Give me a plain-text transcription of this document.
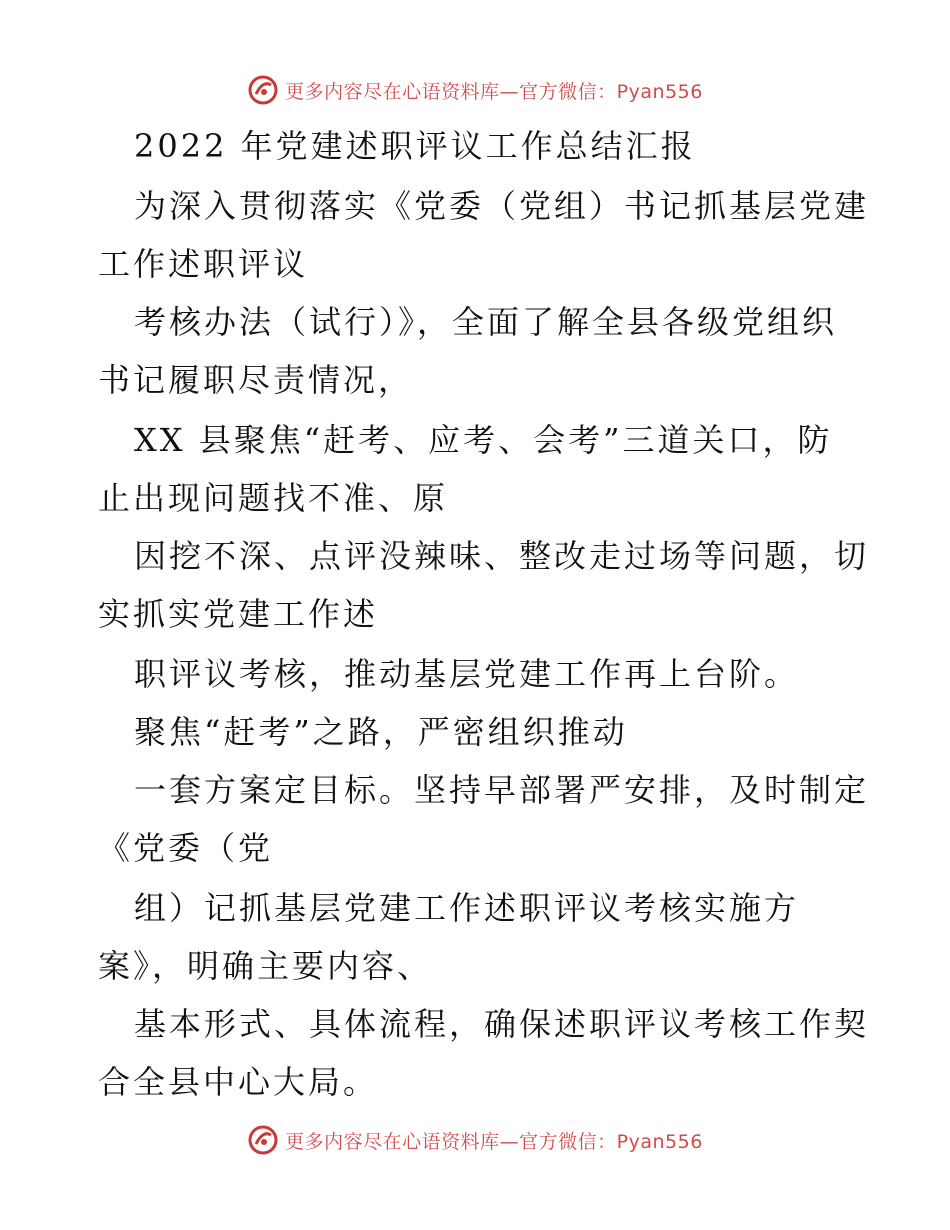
更多内容尽在心语资料库—官方微信：Pyan556
2022 年党建述职评议工作总结汇报
为深入贯彻落实《党委（党组）书记抓基层党建
工作述职评议
考核办法（试行）》，全面了解全县各级党组织
书记履职尽责情况，
XX 县聚焦“赶考、应考、会考”三道关口，防
止出现问题找不准、原
因挖不深、点评没辣味、整改走过场等问题，切
实抓实党建工作述
职评议考核，推动基层党建工作再上台阶。
聚焦“赶考”之路，严密组织推动
一套方案定目标。坚持早部署严安排，及时制定
《党委（党
组）记抓基层党建工作述职评议考核实施方
案》，明确主要内容、
基本形式、具体流程，确保述职评议考核工作契
合全县中心大局。
更多内容尽在心语资料库—官方微信：Pyan556
